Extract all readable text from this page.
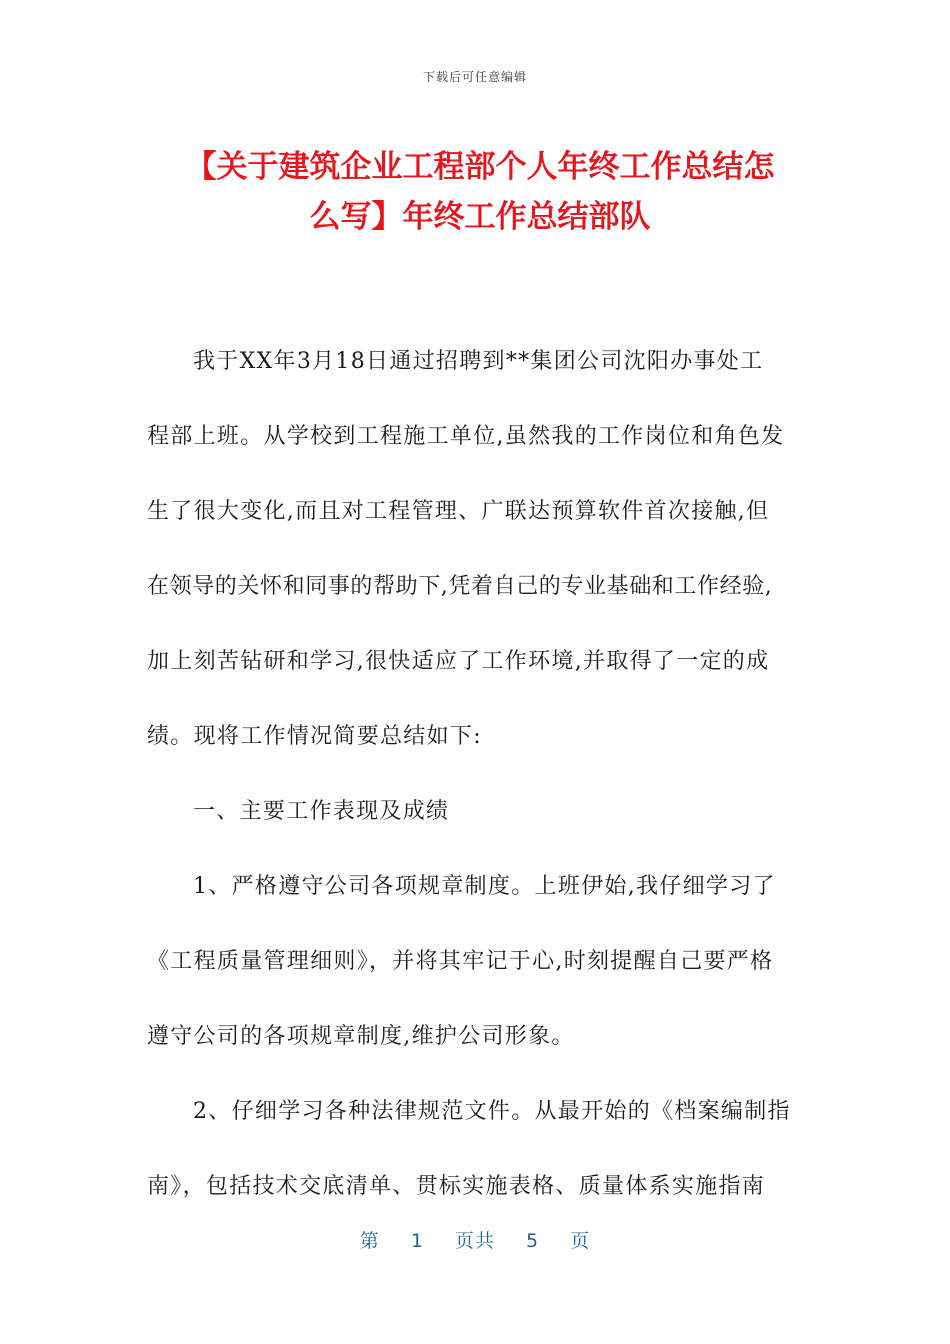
下载后可任意编辑
【关于建筑企业工程部个人年终工作总结怎
么写】年终工作总结部队
我于XX年3月18日通过招聘到**集团公司沈阳办事处工
程部上班。从学校到工程施工单位,虽然我的工作岗位和角色发
生了很大变化,而且对工程管理、广联达预算软件首次接触,但
在领导的关怀和同事的帮助下,凭着自己的专业基础和工作经验,
加上刻苦钻研和学习,很快适应了工作环境,并取得了一定的成
绩。现将工作情况简要总结如下:
一、主要工作表现及成绩
1、严格遵守公司各项规章制度。上班伊始,我仔细学习了
《工程质量管理细则》，并将其牢记于心,时刻提醒自己要严格
遵守公司的各项规章制度,维护公司形象。
2、仔细学习各种法律规范文件。从最开始的《档案编制指
南》，包括技术交底清单、贯标实施表格、质量体系实施指南
第 1 页共 5 页
